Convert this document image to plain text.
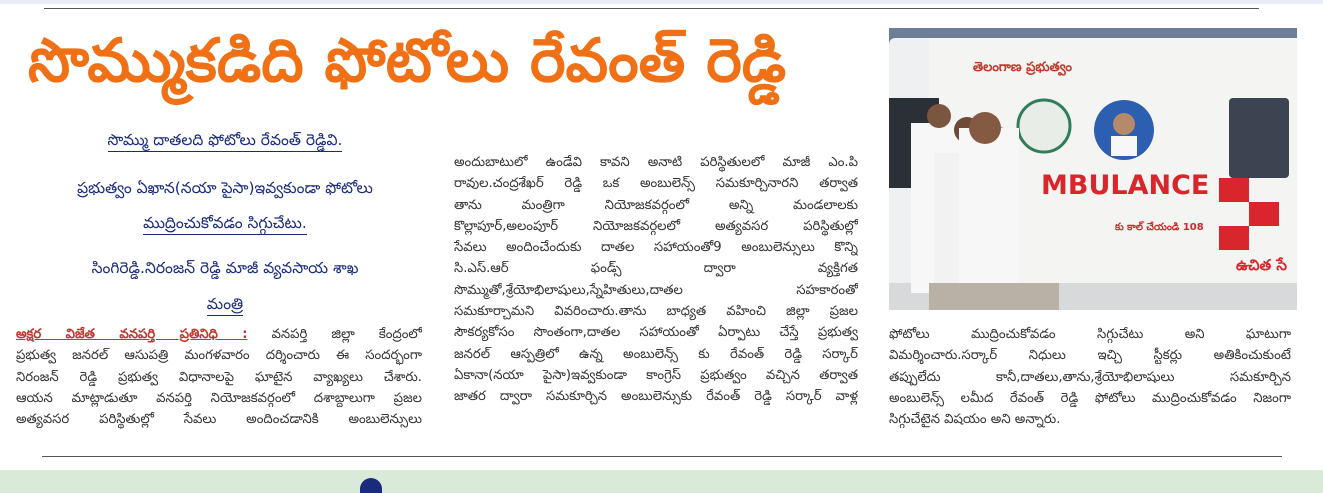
సొమ్ముకడిది ఫోటోలు రేవంత్ రెడ్డి
సొమ్ము దాతలది ఫోటోలు రేవంత్ రెడ్డివి.
ప్రభుత్వం ఏఖాన(నయా పైసా)ఇవ్వకుండా ఫోటోలు
ముద్రించుకోవడం సిగ్గుచేటు.
సింగిరెడ్డి.నిరంజన్ రెడ్డి మాజీ వ్యవసాయ శాఖ
మంత్రి
అక్షర విజేత వనపర్తి ప్రతినిధి : వనపర్తి జిల్లా కేంద్రంలో
ప్రభుత్వ జనరల్ ఆసుపత్రి మంగళవారం దర్శించారు ఈ సందర్భంగా
నిరంజన్ రెడ్డి ప్రభుత్వ విధానాలపై ఘాటైన వ్యాఖ్యలు చేశారు.
ఆయన మాట్లాడుతూ వనపర్తి నియోజకవర్గంలో దశాబ్దాలుగా ప్రజల
అత్యవసర పరిస్థితుల్లో సేవలు అందించడానికి అంబులెన్సులు
అందుబాటులో ఉండేవి కావని అనాటి పరిస్థితులలో మాజీ ఎం.పి
రావుల.చంద్రశేఖర్ రెడ్డి ఒక అంబులెన్స్ సమకూర్చినారని తర్వాత
తాను మంత్రిగా నియోజకవర్గంలో అన్ని మండలాలకు
కొల్లాపూర్,అలంపూర్ నియోజకవర్గలలో అత్యవసర పరిస్థితుల్లో
సేవలు అందించేందుకు దాతల సహాయంతో9 అంబులెన్సులు కొన్ని
సి.ఎస్.ఆర్ ఫండ్స్ ద్వారా వ్యక్తిగత
సొమ్ముతో,శ్రేయోభిలాషులు,స్నేహితులు,దాతల సహకారంతో
సమకూర్చామని వివరించారు.తాను బాధ్యత వహించి జిల్లా ప్రజల
సౌకర్యకోసం సొంతంగా,దాతల సహాయంతో ఏర్పాటు చేస్తే ప్రభుత్వ
జనరల్ ఆస్పత్రిలో ఉన్న అంబులెన్స్ కు రేవంత్ రెడ్డి సర్కార్
ఏకానా(నయా పైసా)ఇవ్వకుండా కాంగ్రెస్ ప్రభుత్వం వచ్చిన తర్వాత
జాతర ద్వారా సమకూర్చిన అంబులెన్సుకు రేవంత్ రెడ్డి సర్కార్ వాళ్ల
తెలంగాణ ప్రభుత్వం
MBULANCE
కు కాల్ చేయండి 108
ఉచిత సే
ఫోటోలు ముద్రించుకోవడం సిగ్గుచేటు అని ఘాటుగా
విమర్శించారు.సర్కార్ నిధులు ఇచ్చి స్టీకర్లు అతికించుకుంటే
తప్పులేదు కానీ,దాతలు,తాను,శ్రేయోభిలాషులు సమకూర్చిన
అంబులెన్స్ లమీద రేవంత్ రెడ్డి ఫోటోలు ముద్రించుకోవడం నిజంగా
సిగ్గుచేటైన విషయం అని అన్నారు.
